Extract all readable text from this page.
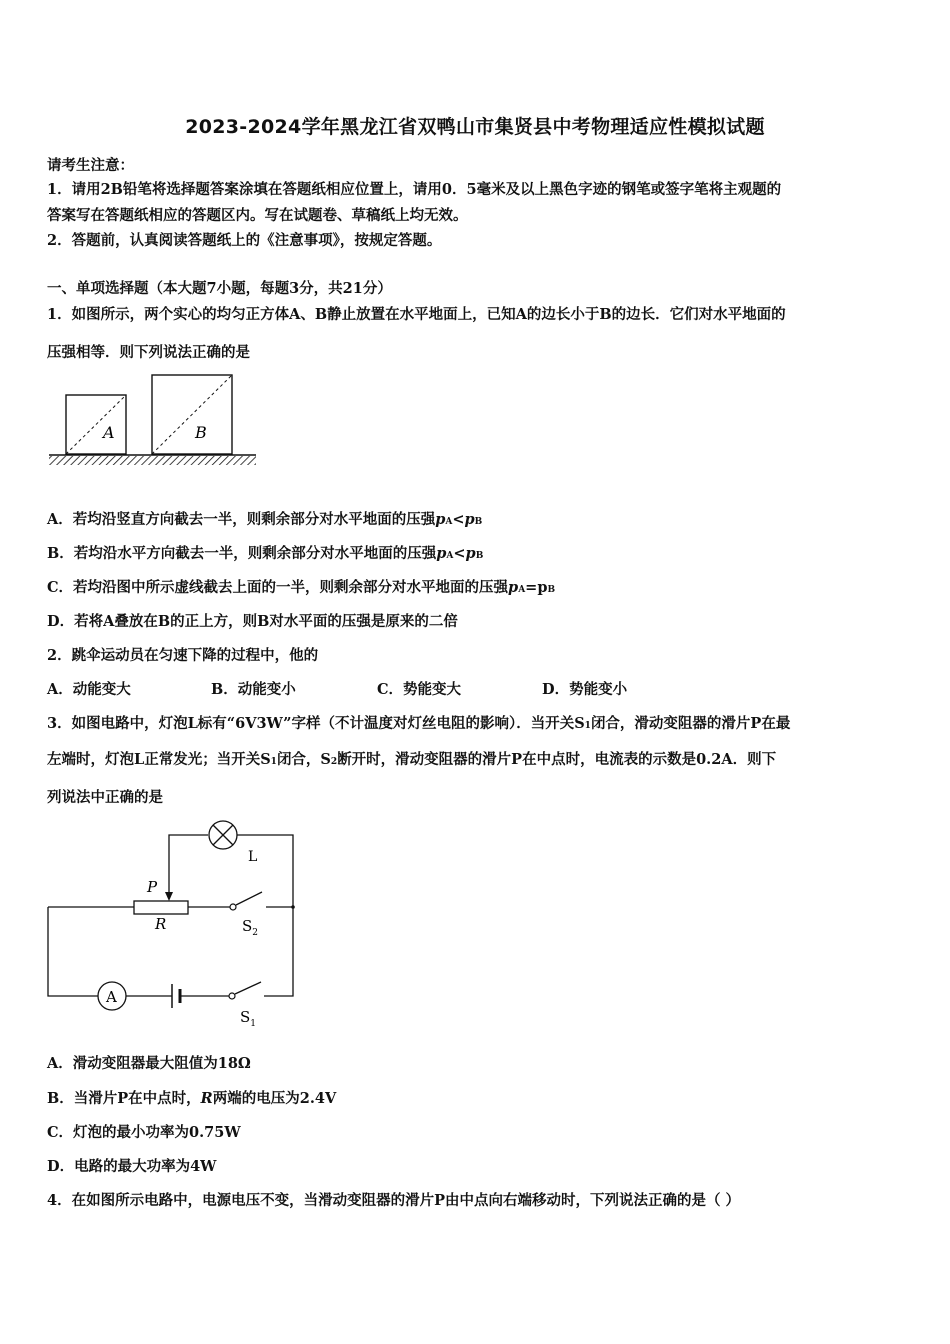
2023-2024学年黑龙江省双鸭山市集贤县中考物理适应性模拟试题
请考生注意：
1．请用2B铅笔将选择题答案涂填在答题纸相应位置上，请用0．5毫米及以上黑色字迹的钢笔或签字笔将主观题的
答案写在答题纸相应的答题区内。写在试题卷、草稿纸上均无效。
2．答题前，认真阅读答题纸上的《注意事项》，按规定答题。
一、单项选择题（本大题7小题，每题3分，共21分）
1．如图所示，两个实心的均匀正方体A、B静止放置在水平地面上，已知A的边长小于B的边长．它们对水平地面的
压强相等．则下列说法正确的是
A	B
A．若均沿竖直方向截去一半，则剩余部分对水平地面的压强pA<pB
B．若均沿水平方向截去一半，则剩余部分对水平地面的压强pA<pB
C．若均沿图中所示虚线截去上面的一半，则剩余部分对水平地面的压强pA=pB
D．若将A叠放在B的正上方，则B对水平面的压强是原来的二倍
2．跳伞运动员在匀速下降的过程中，他的
A．动能变大	B．动能变小	C．势能变大	D．势能变小
3．如图电路中，灯泡L标有“6V3W”字样（不计温度对灯丝电阻的影响）．当开关S1闭合，滑动变阻器的滑片P在最
左端时，灯泡L正常发光；当开关S1闭合，S2断开时，滑动变阻器的滑片P在中点时，电流表的示数是0.2A．则下
列说法中正确的是
L
P
R	$S_2$
A
$S_1$
A．滑动变阻器最大阻值为18Ω
B．当滑片P在中点时，R两端的电压为2.4V
C．灯泡的最小功率为0.75W
D．电路的最大功率为4W
4．在如图所示电路中，电源电压不变，当滑动变阻器的滑片P由中点向右端移动时，下列说法正确的是（ ）
